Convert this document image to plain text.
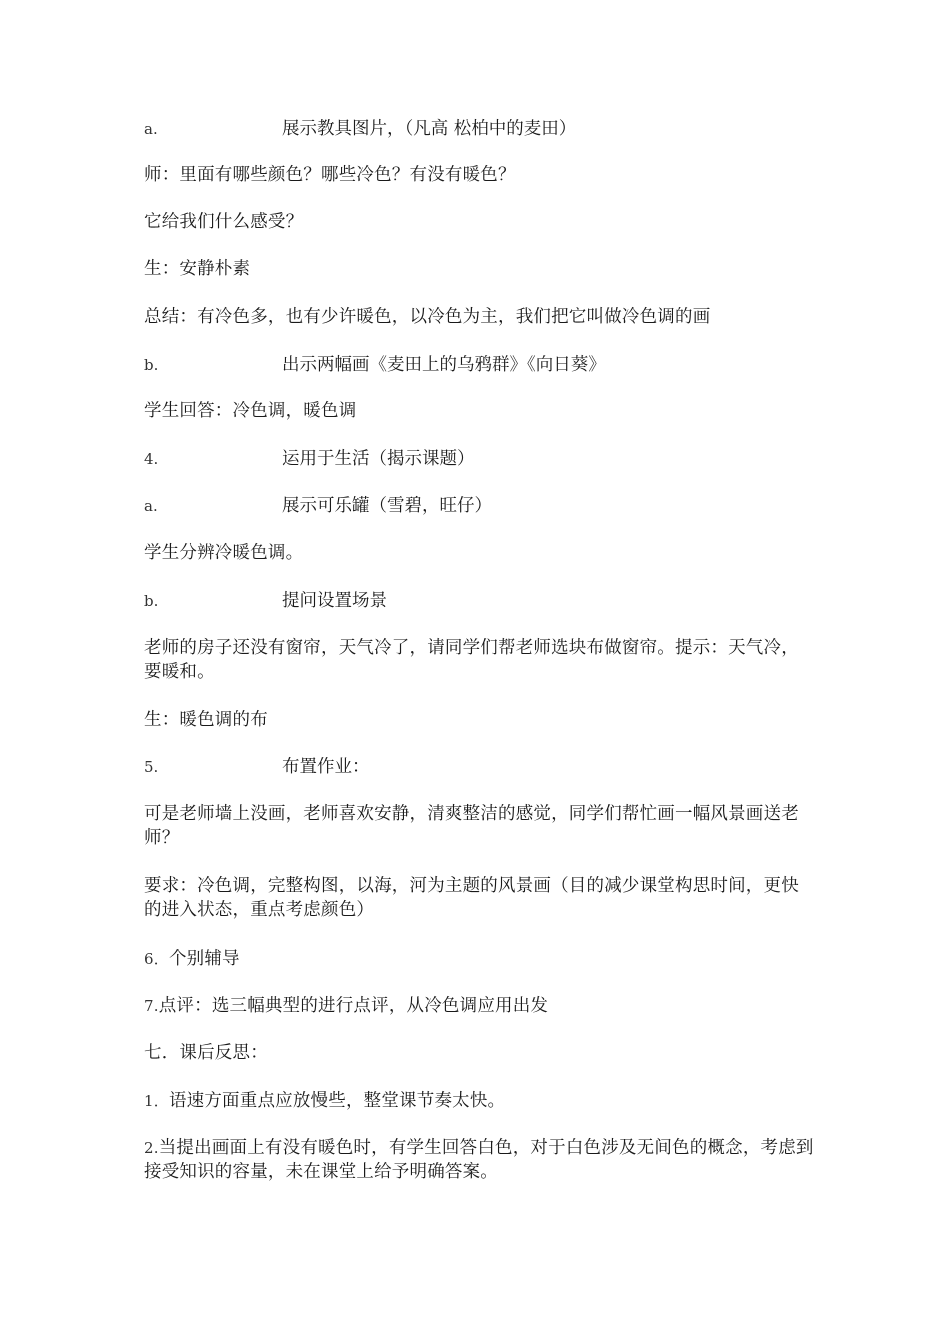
a.	展示教具图片，（凡高 松柏中的麦田）
师：里面有哪些颜色？哪些冷色？有没有暖色？
它给我们什么感受？
生：安静朴素
总结：有冷色多，也有少许暖色，以冷色为主，我们把它叫做冷色调的画
b.	出示两幅画《麦田上的乌鸦群》《向日葵》
学生回答：冷色调，暖色调
4.	运用于生活（揭示课题）
a.	展示可乐罐（雪碧，旺仔）
学生分辨冷暖色调。
b.	提问设置场景
老师的房子还没有窗帘，天气冷了，请同学们帮老师选块布做窗帘。提示：天气冷，要暖和。
生：暖色调的布
5.	布置作业：
可是老师墙上没画，老师喜欢安静，清爽整洁的感觉，同学们帮忙画一幅风景画送老师？
要求：冷色调，完整构图，以海，河为主题的风景画（目的减少课堂构思时间，更快的进入状态，重点考虑颜色）
6．个别辅导
7.点评：选三幅典型的进行点评，从冷色调应用出发
七．课后反思：
1．语速方面重点应放慢些，整堂课节奏太快。
2.当提出画面上有没有暖色时，有学生回答白色，对于白色涉及无间色的概念，考虑到接受知识的容量，未在课堂上给予明确答案。
